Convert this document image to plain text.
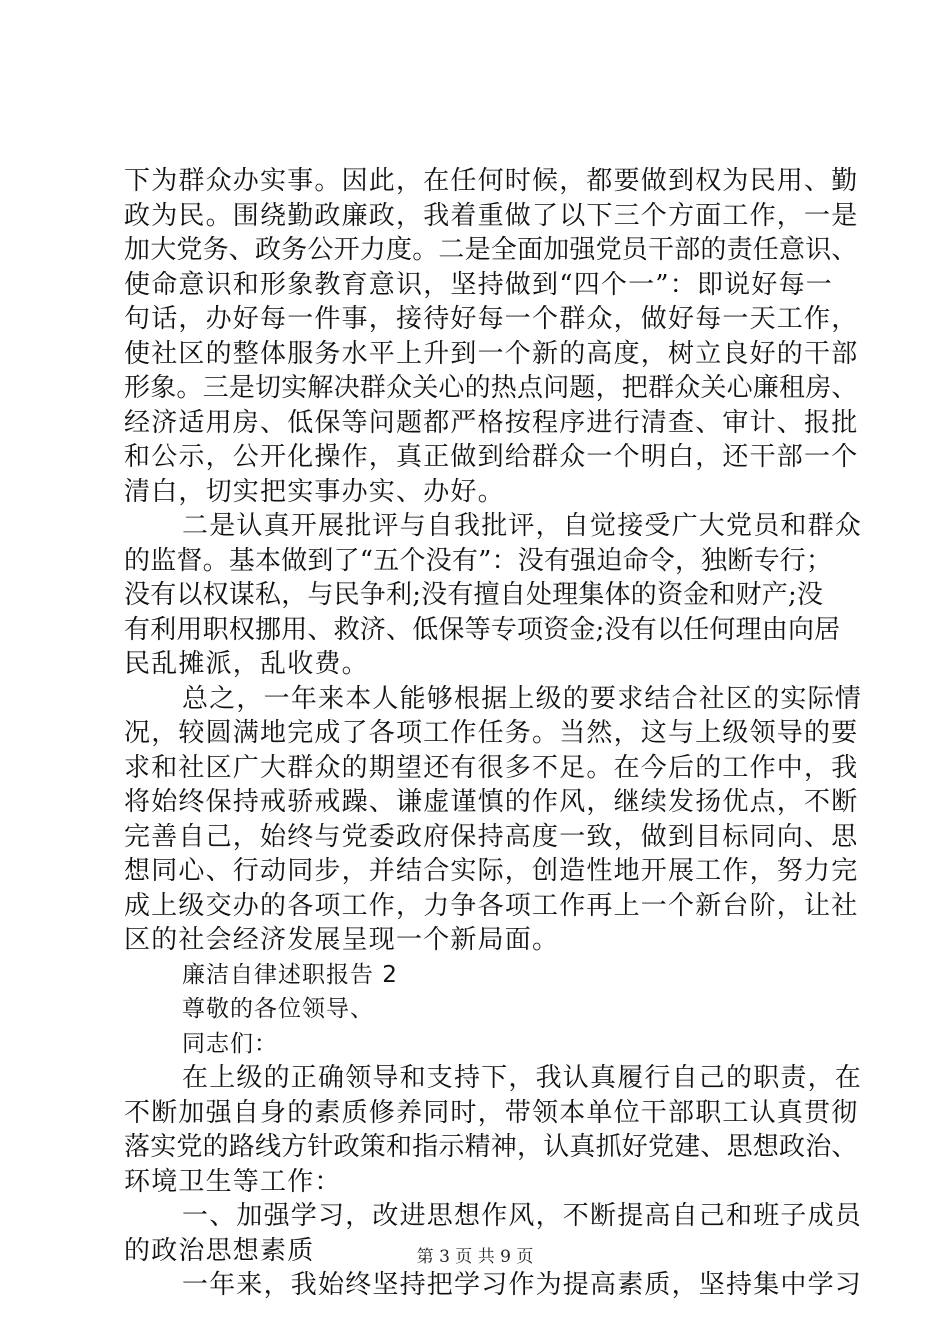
下为群众办实事。因此，在任何时候，都要做到权为民用、勤
政为民。围绕勤政廉政，我着重做了以下三个方面工作，一是
加大党务、政务公开力度。二是全面加强党员干部的责任意识、
使命意识和形象教育意识，坚持做到“四个一”：即说好每一
句话，办好每一件事，接待好每一个群众，做好每一天工作，
使社区的整体服务水平上升到一个新的高度，树立良好的干部
形象。三是切实解决群众关心的热点问题，把群众关心廉租房、
经济适用房、低保等问题都严格按程序进行清查、审计、报批
和公示，公开化操作，真正做到给群众一个明白，还干部一个
清白，切实把实事办实、办好。
二是认真开展批评与自我批评，自觉接受广大党员和群众
的监督。基本做到了“五个没有”：没有强迫命令，独断专行；
没有以权谋私，与民争利;没有擅自处理集体的资金和财产;没
有利用职权挪用、救济、低保等专项资金;没有以任何理由向居
民乱摊派，乱收费。
总之，一年来本人能够根据上级的要求结合社区的实际情
况，较圆满地完成了各项工作任务。当然，这与上级领导的要
求和社区广大群众的期望还有很多不足。在今后的工作中，我
将始终保持戒骄戒躁、谦虚谨慎的作风，继续发扬优点，不断
完善自己，始终与党委政府保持高度一致，做到目标同向、思
想同心、行动同步，并结合实际，创造性地开展工作，努力完
成上级交办的各项工作，力争各项工作再上一个新台阶，让社
区的社会经济发展呈现一个新局面。
廉洁自律述职报告 2
尊敬的各位领导、
同志们：
在上级的正确领导和支持下，我认真履行自己的职责，在
不断加强自身的素质修养同时，带领本单位干部职工认真贯彻
落实党的路线方针政策和指示精神，认真抓好党建、思想政治、
环境卫生等工作：
一、加强学习，改进思想作风，不断提高自己和班子成员
的政治思想素质
一年来，我始终坚持把学习作为提高素质，坚持集中学习
第 3 页 共 9 页
